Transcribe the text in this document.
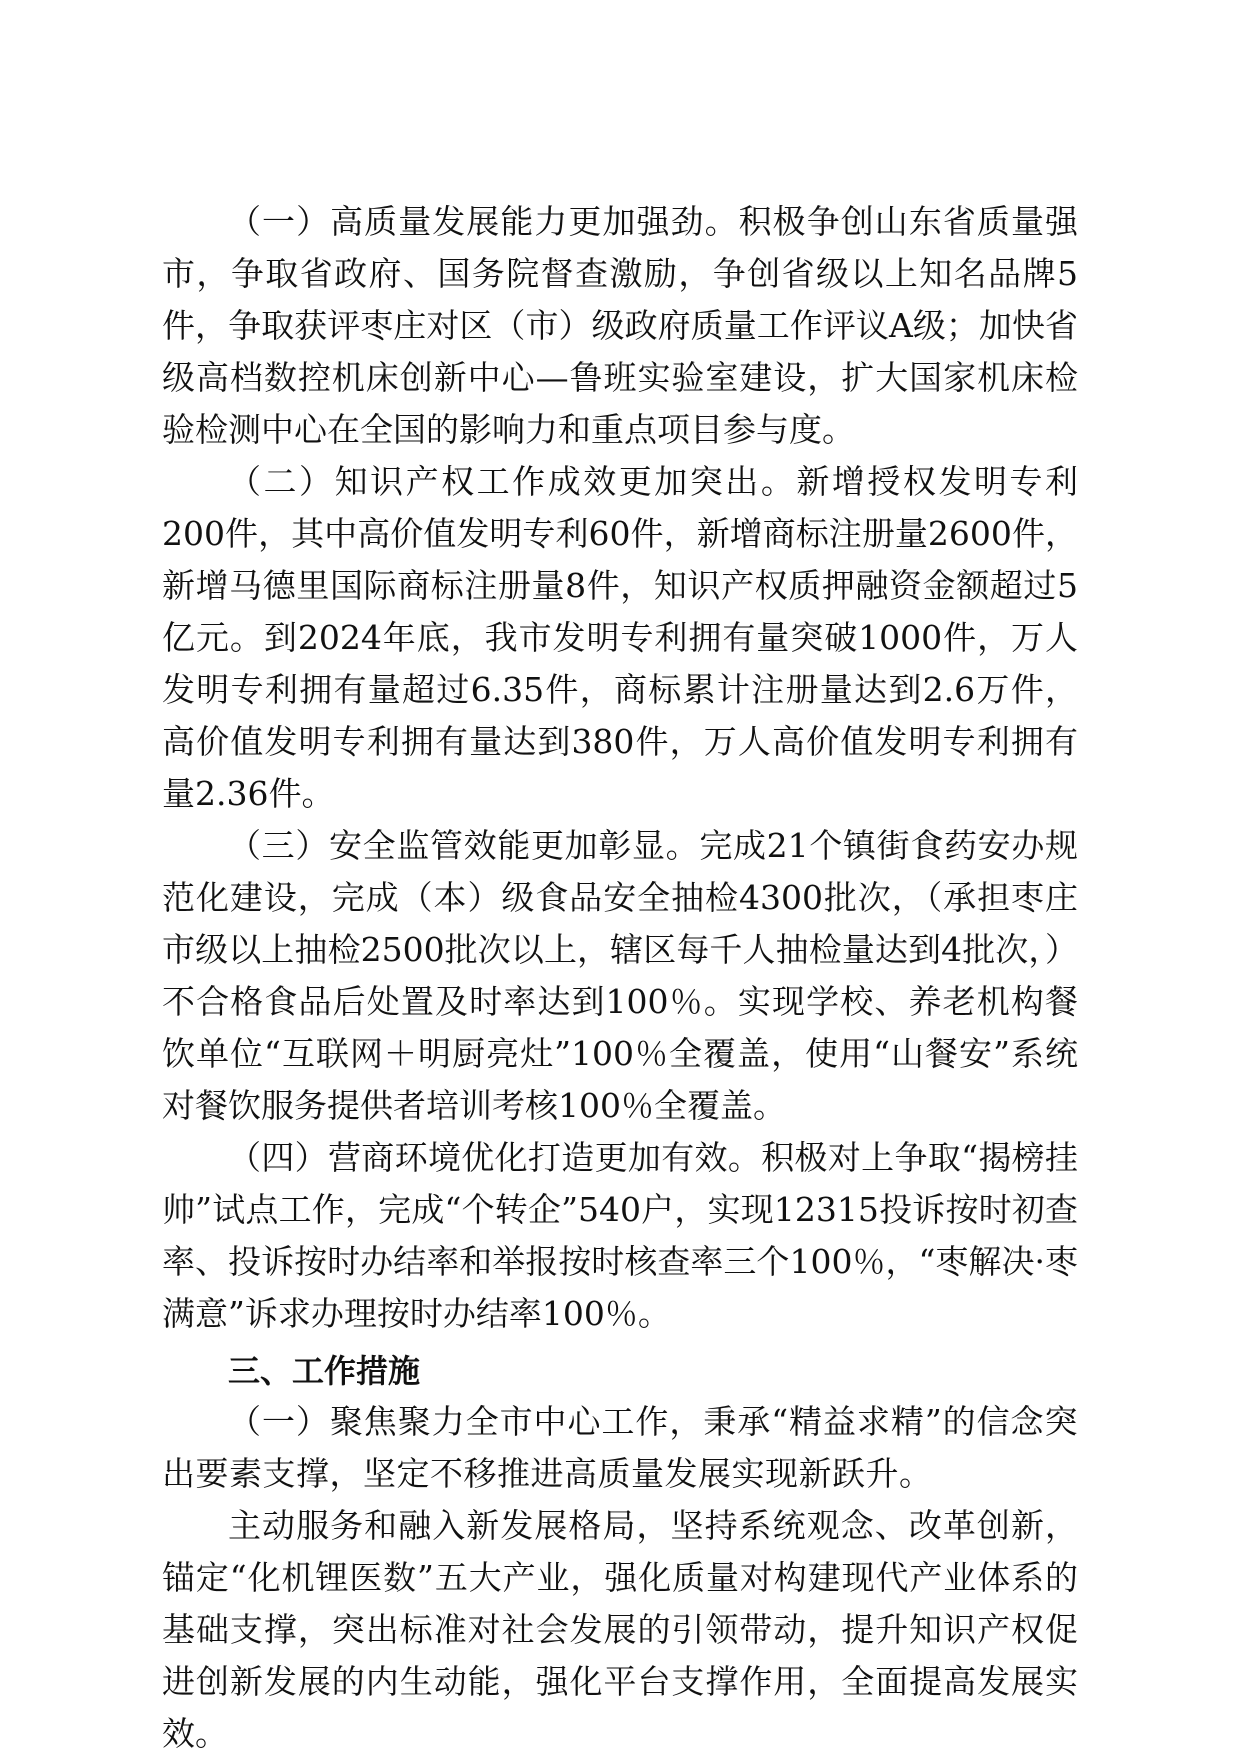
（一）高质量发展能力更加强劲。积极争创山东省质量强市，争取省政府、国务院督查激励，争创省级以上知名品牌5件，争取获评枣庄对区（市）级政府质量工作评议A级；加快省级高档数控机床创新中心—鲁班实验室建设，扩大国家机床检验检测中心在全国的影响力和重点项目参与度。

（二）知识产权工作成效更加突出。新增授权发明专利200件，其中高价值发明专利60件，新增商标注册量2600件，新增马德里国际商标注册量8件，知识产权质押融资金额超过5亿元。到2024年底，我市发明专利拥有量突破1000件，万人发明专利拥有量超过6.35件，商标累计注册量达到2.6万件，高价值发明专利拥有量达到380件，万人高价值发明专利拥有量2.36件。

（三）安全监管效能更加彰显。完成21个镇街食药安办规范化建设，完成（本）级食品安全抽检4300批次，（承担枣庄市级以上抽检2500批次以上，辖区每千人抽检量达到4批次，）不合格食品后处置及时率达到100％。实现学校、养老机构餐饮单位“互联网＋明厨亮灶”100％全覆盖，使用“山餐安”系统对餐饮服务提供者培训考核100％全覆盖。

（四）营商环境优化打造更加有效。积极对上争取“揭榜挂帅”试点工作，完成“个转企”540户，实现12315投诉按时初查率、投诉按时办结率和举报按时核查率三个100％，“枣解决·枣满意”诉求办理按时办结率100％。

三、工作措施

（一）聚焦聚力全市中心工作，秉承“精益求精”的信念突出要素支撑，坚定不移推进高质量发展实现新跃升。

主动服务和融入新发展格局，坚持系统观念、改革创新，锚定“化机锂医数”五大产业，强化质量对构建现代产业体系的基础支撑，突出标准对社会发展的引领带动，提升知识产权促进创新发展的内生动能，强化平台支撑作用，全面提高发展实效。
